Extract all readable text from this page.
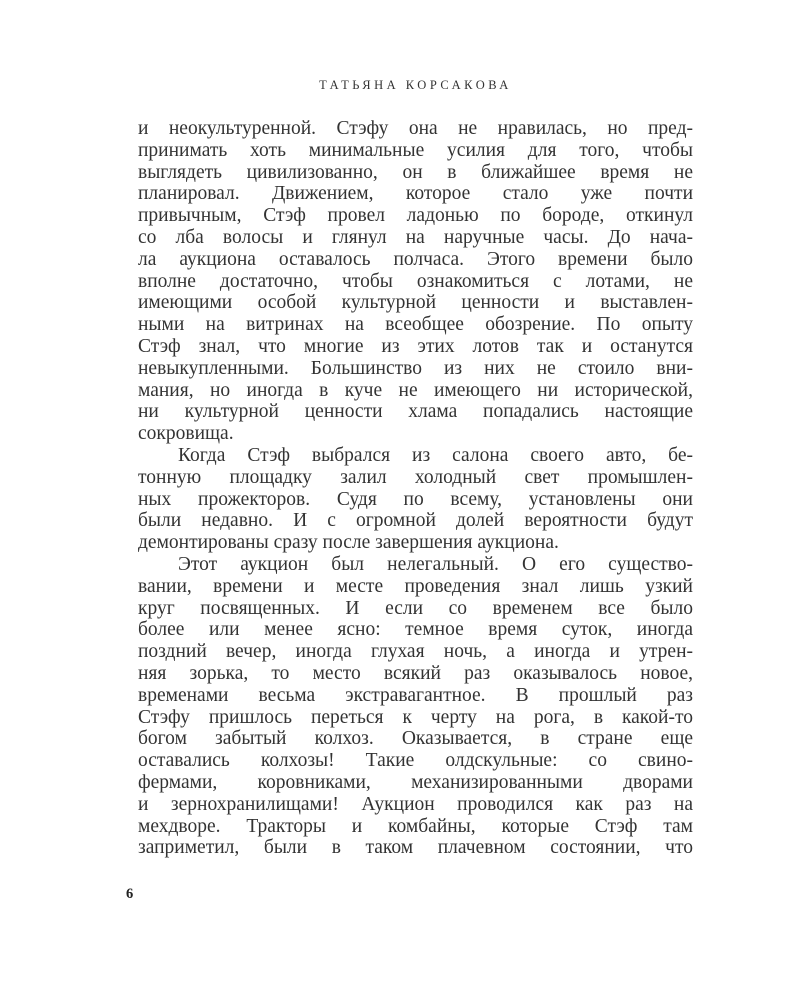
ТАТЬЯНА КОРСАКОВА
и неокультуренной. Стэфу она не нравилась, но пред-
принимать хоть минимальные усилия для того, чтобы
выглядеть цивилизованно, он в ближайшее время не
планировал. Движением, которое стало уже почти
привычным, Стэф провел ладонью по бороде, откинул
со лба волосы и глянул на наручные часы. До нача-
ла аукциона оставалось полчаса. Этого времени было
вполне достаточно, чтобы ознакомиться с лотами, не
имеющими особой культурной ценности и выставлен-
ными на витринах на всеобщее обозрение. По опыту
Стэф знал, что многие из этих лотов так и останутся
невыкупленными. Большинство из них не стоило вни-
мания, но иногда в куче не имеющего ни исторической,
ни культурной ценности хлама попадались настоящие
сокровища.
Когда Стэф выбрался из салона своего авто, бе-
тонную площадку залил холодный свет промышлен-
ных прожекторов. Судя по всему, установлены они
были недавно. И с огромной долей вероятности будут
демонтированы сразу после завершения аукциона.
Этот аукцион был нелегальный. О его существо-
вании, времени и месте проведения знал лишь узкий
круг посвященных. И если со временем все было
более или менее ясно: темное время суток, иногда
поздний вечер, иногда глухая ночь, а иногда и утрен-
няя зорька, то место всякий раз оказывалось новое,
временами весьма экстравагантное. В прошлый раз
Стэфу пришлось переться к черту на рога, в какой-то
богом забытый колхоз. Оказывается, в стране еще
оставались колхозы! Такие олдскульные: со свино-
фермами, коровниками, механизированными дворами
и зернохранилищами! Аукцион проводился как раз на
мехдворе. Тракторы и комбайны, которые Стэф там
заприметил, были в таком плачевном состоянии, что
6
